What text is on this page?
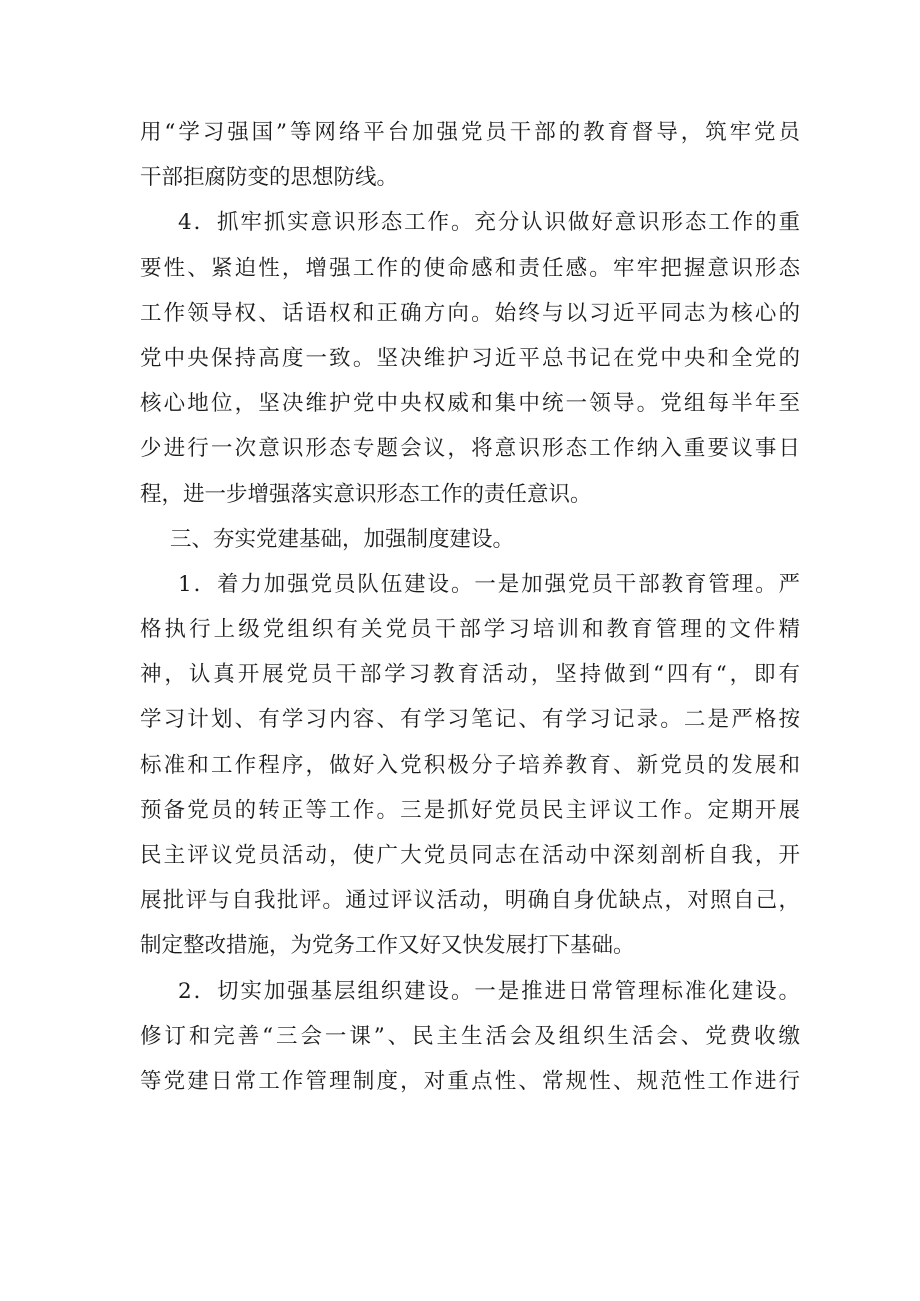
用“学习强国”等网络平台加强党员干部的教育督导，筑牢党员
干部拒腐防变的思想防线。
4．抓牢抓实意识形态工作。充分认识做好意识形态工作的重
要性、紧迫性，增强工作的使命感和责任感。牢牢把握意识形态
工作领导权、话语权和正确方向。始终与以习近平同志为核心的
党中央保持高度一致。坚决维护习近平总书记在党中央和全党的
核心地位，坚决维护党中央权威和集中统一领导。党组每半年至
少进行一次意识形态专题会议，将意识形态工作纳入重要议事日
程，进一步增强落实意识形态工作的责任意识。
三、夯实党建基础，加强制度建设。
1．着力加强党员队伍建设。一是加强党员干部教育管理。严
格执行上级党组织有关党员干部学习培训和教育管理的文件精
神，认真开展党员干部学习教育活动，坚持做到“四有“，即有
学习计划、有学习内容、有学习笔记、有学习记录。二是严格按
标准和工作程序，做好入党积极分子培养教育、新党员的发展和
预备党员的转正等工作。三是抓好党员民主评议工作。定期开展
民主评议党员活动，使广大党员同志在活动中深刻剖析自我，开
展批评与自我批评。通过评议活动，明确自身优缺点，对照自己，
制定整改措施，为党务工作又好又快发展打下基础。
2．切实加强基层组织建设。一是推进日常管理标准化建设。
修订和完善“三会一课”、民主生活会及组织生活会、党费收缴
等党建日常工作管理制度，对重点性、常规性、规范性工作进行
